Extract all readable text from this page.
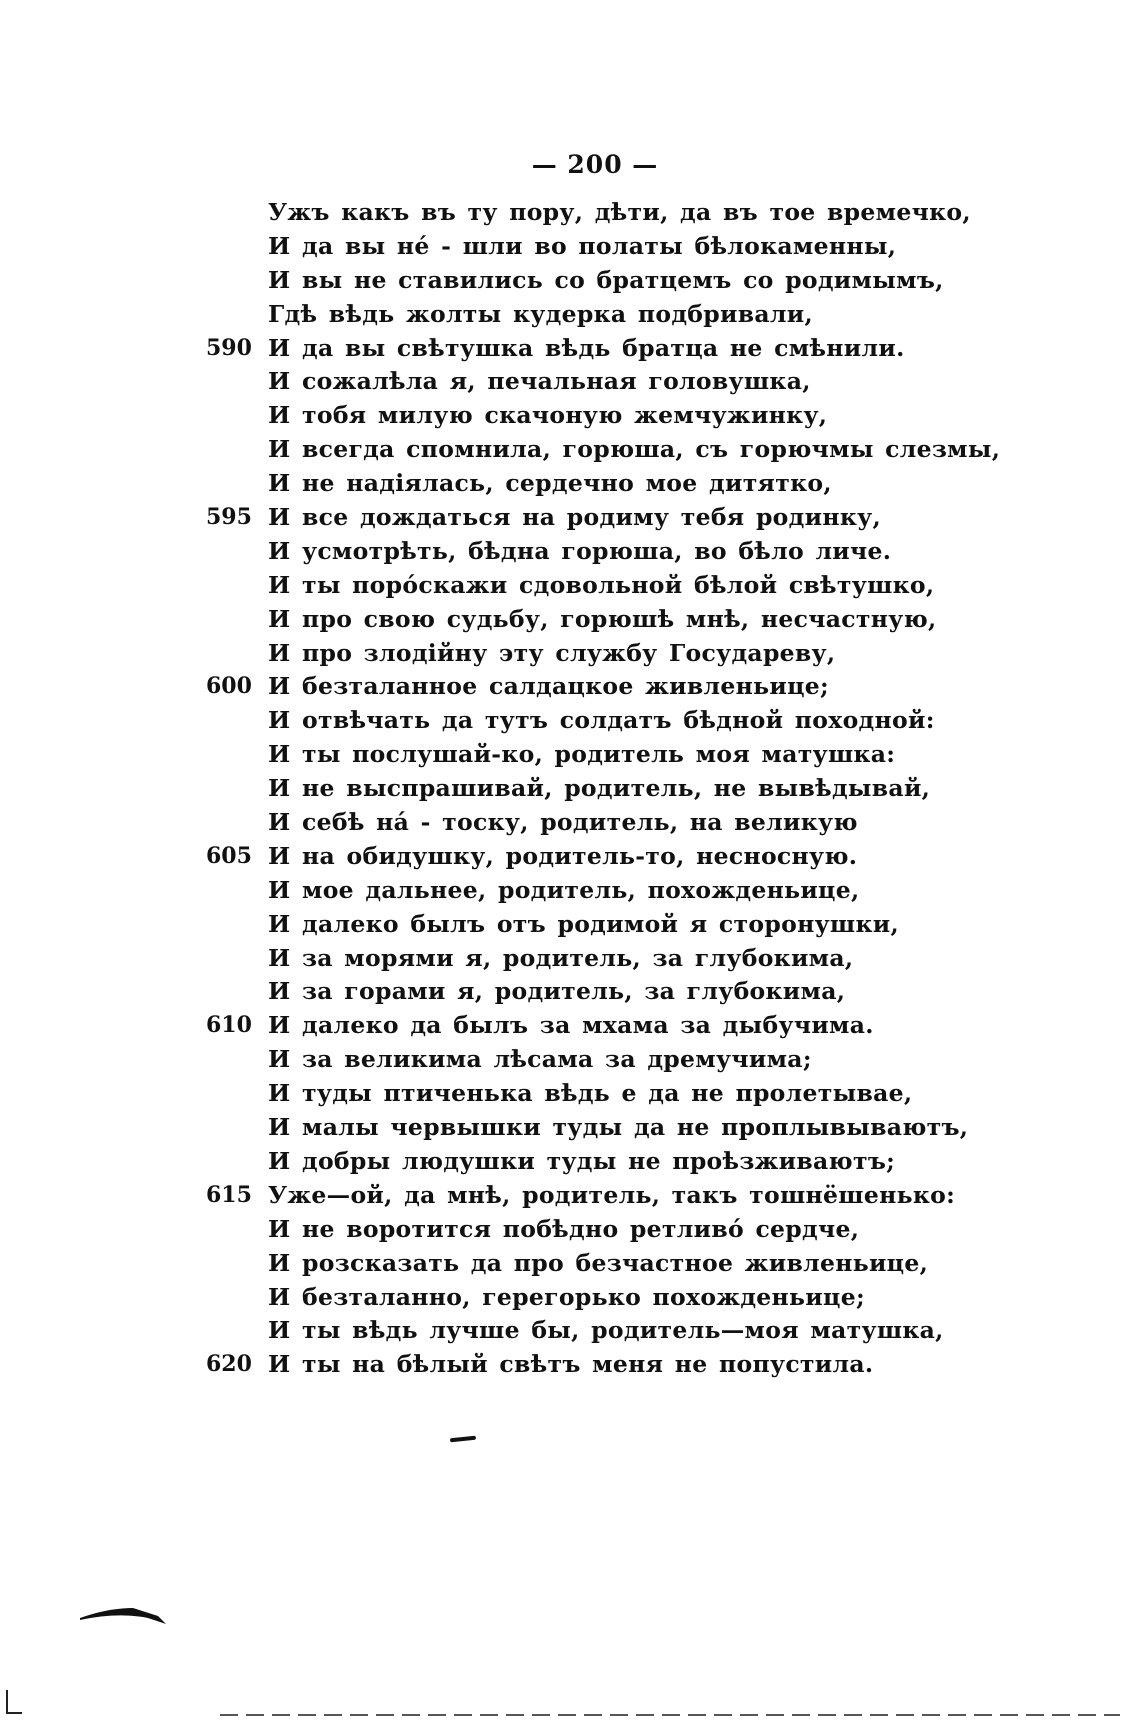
— 200 —
Ужъ какъ въ ту пору, дѣти, да въ тое времечко,
И да вы нé - шли во полаты бѣлокаменны,
И вы не ставились со братцемъ со родимымъ,
Гдѣ вѣдь жолты кудерка подбривали,
590 И да вы свѣтушка вѣдь братца не смѣнили.
И сожалѣла я, печальная головушка,
И тобя милую скачоную жемчужинку,
И всегда спомнила, горюша, съ горючмы слезмы,
И не надіялась, сердечно мое дитятко,
595 И все дождаться на родиму тебя родинку,
И усмотрѣть, бѣдна горюша, во бѣло личе.
И ты порóскажи сдовольной бѣлой свѣтушко,
И про свою судьбу, горюшѣ мнѣ, несчастную,
И про злодійну эту службу Государеву,
600 И безталанное салдацкое живленьице;
И отвѣчать да тутъ солдатъ бѣдной походной:
И ты послушай-ко, родитель моя матушка:
И не выспрашивай, родитель, не вывѣдывай,
И себѣ нá - тоску, родитель, на великую
605 И на обидушку, родитель-то, несносную.
И мое дальнее, родитель, похожденьице,
И далеко былъ отъ родимой я сторонушки,
И за морями я, родитель, за глубокима,
И за горами я, родитель, за глубокима,
610 И далеко да былъ за мхама за дыбучима.
И за великима лѣсама за дремучима;
И туды птиченька вѣдь е да не пролетывае,
И малы червышки туды да не проплывываютъ,
И добры людушки туды не проѣзживаютъ;
615 Уже—ой, да мнѣ, родитель, такъ тошнёшенько:
И не воротится побѣдно ретливó сердче,
И розсказать да про безчастное живленьице,
И безталанно, герегорько похожденьице;
И ты вѣдь лучше бы, родитель—моя матушка,
620 И ты на бѣлый свѣтъ меня не попустила.
